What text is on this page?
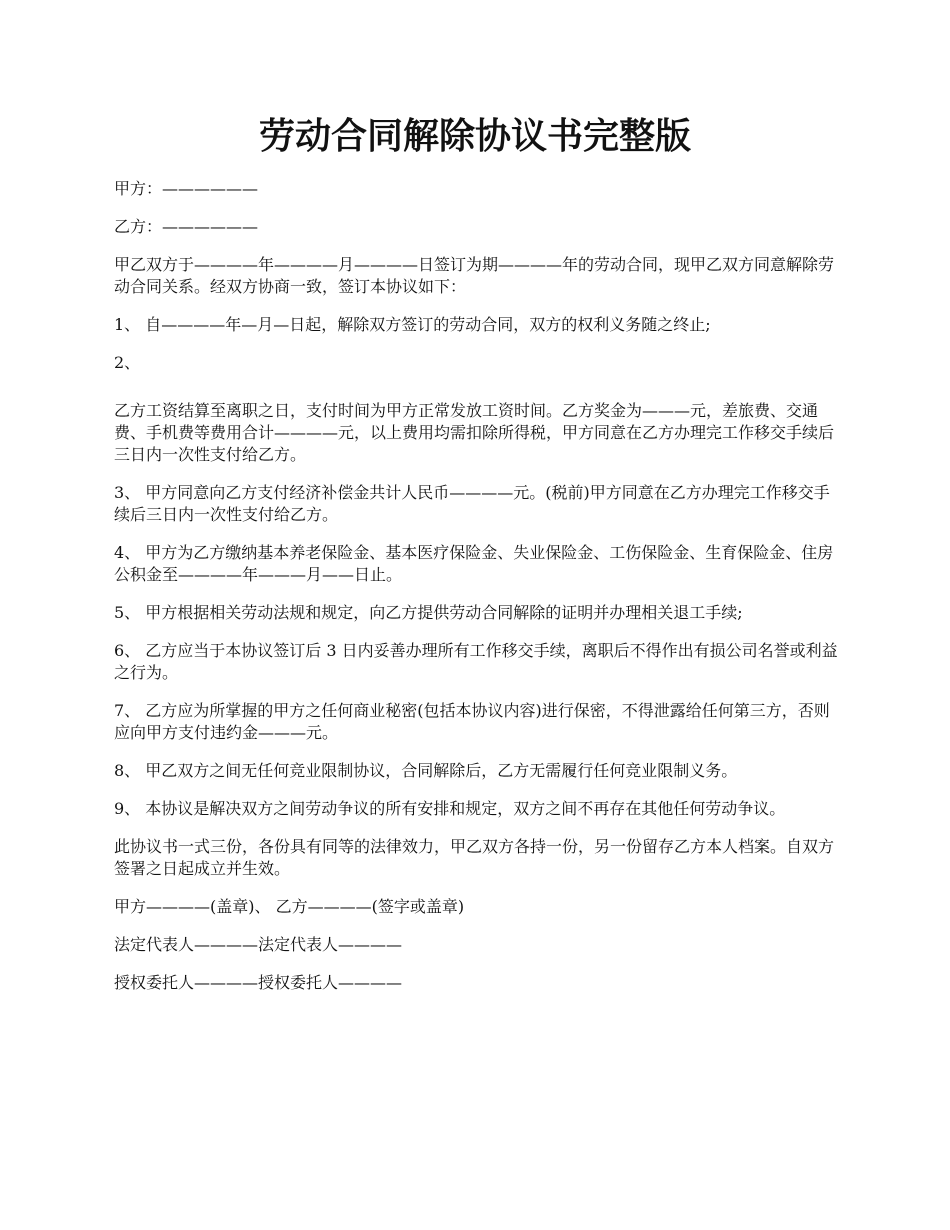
劳动合同解除协议书完整版

甲方：——————

乙方：——————

甲乙双方于————年————月————日签订为期————年的劳动合同，现甲乙双方同意解除劳动合同关系。经双方协商一致，签订本协议如下：

1、 自————年—月—日起，解除双方签订的劳动合同，双方的权利义务随之终止;

2、

乙方工资结算至离职之日，支付时间为甲方正常发放工资时间。乙方奖金为———元，差旅费、交通费、手机费等费用合计————元，以上费用均需扣除所得税，甲方同意在乙方办理完工作移交手续后三日内一次性支付给乙方。

3、 甲方同意向乙方支付经济补偿金共计人民币————元。(税前)甲方同意在乙方办理完工作移交手续后三日内一次性支付给乙方。

4、 甲方为乙方缴纳基本养老保险金、基本医疗保险金、失业保险金、工伤保险金、生育保险金、住房公积金至————年———月——日止。

5、 甲方根据相关劳动法规和规定，向乙方提供劳动合同解除的证明并办理相关退工手续;

6、 乙方应当于本协议签订后 3 日内妥善办理所有工作移交手续，离职后不得作出有损公司名誉或利益之行为。

7、 乙方应为所掌握的甲方之任何商业秘密(包括本协议内容)进行保密，不得泄露给任何第三方，否则应向甲方支付违约金———元。

8、 甲乙双方之间无任何竞业限制协议，合同解除后，乙方无需履行任何竞业限制义务。

9、 本协议是解决双方之间劳动争议的所有安排和规定，双方之间不再存在其他任何劳动争议。

此协议书一式三份，各份具有同等的法律效力，甲乙双方各持一份，另一份留存乙方本人档案。自双方签署之日起成立并生效。

甲方————(盖章)、 乙方————(签字或盖章)

法定代表人————法定代表人————

授权委托人————授权委托人————
